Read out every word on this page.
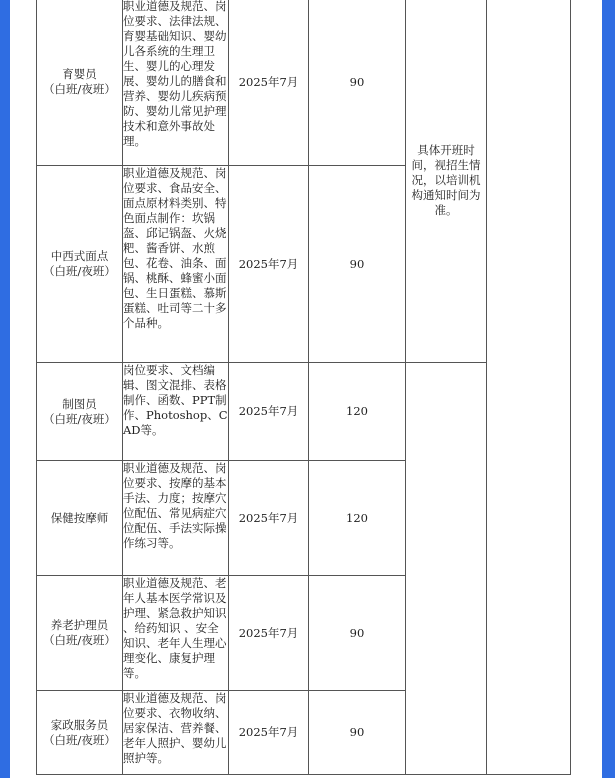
育婴员
（白班/夜班）	职业道德及规范、岗位要求、法律法规、育婴基础知识、婴幼儿各系统的生理卫生、婴儿的心理发展、婴幼儿的膳食和营养、婴幼儿疾病预防、婴幼儿常见护理技术和意外事故处理。	2025年7月	90	具体开班时间，视招生情况，以培训机构通知时间为准。	

中西式面点
（白班/夜班）	职业道德及规范、岗位要求、食品安全、面点原材料类别、特色面点制作：坎锅盔、邱记锅盔、火烧粑、酱香饼、水煎包、花卷、油条、面锅、桃酥、蜂蜜小面包、生日蛋糕、慕斯蛋糕、吐司等二十多个品种。	2025年7月	90		

制图员
（白班/夜班）	岗位要求、文档编辑、图文混排、表格制作、函数、PPT制作、Photoshop、CAD等。	2025年7月	120		

保健按摩师	职业道德及规范、岗位要求、按摩的基本手法、力度；按摩穴位配伍、常见病症穴位配伍、手法实际操作练习等。	2025年7月	120		

养老护理员
（白班/夜班）	职业道德及规范、老年人基本医学常识及护理、紧急救护知识 、给药知识 、安全知识、老年人生理心理变化、康复护理等。	2025年7月	90		

家政服务员
（白班/夜班）	职业道德及规范、岗位要求、衣物收纳、居家保洁、营养餐、老年人照护、婴幼儿照护等。	2025年7月	90		
